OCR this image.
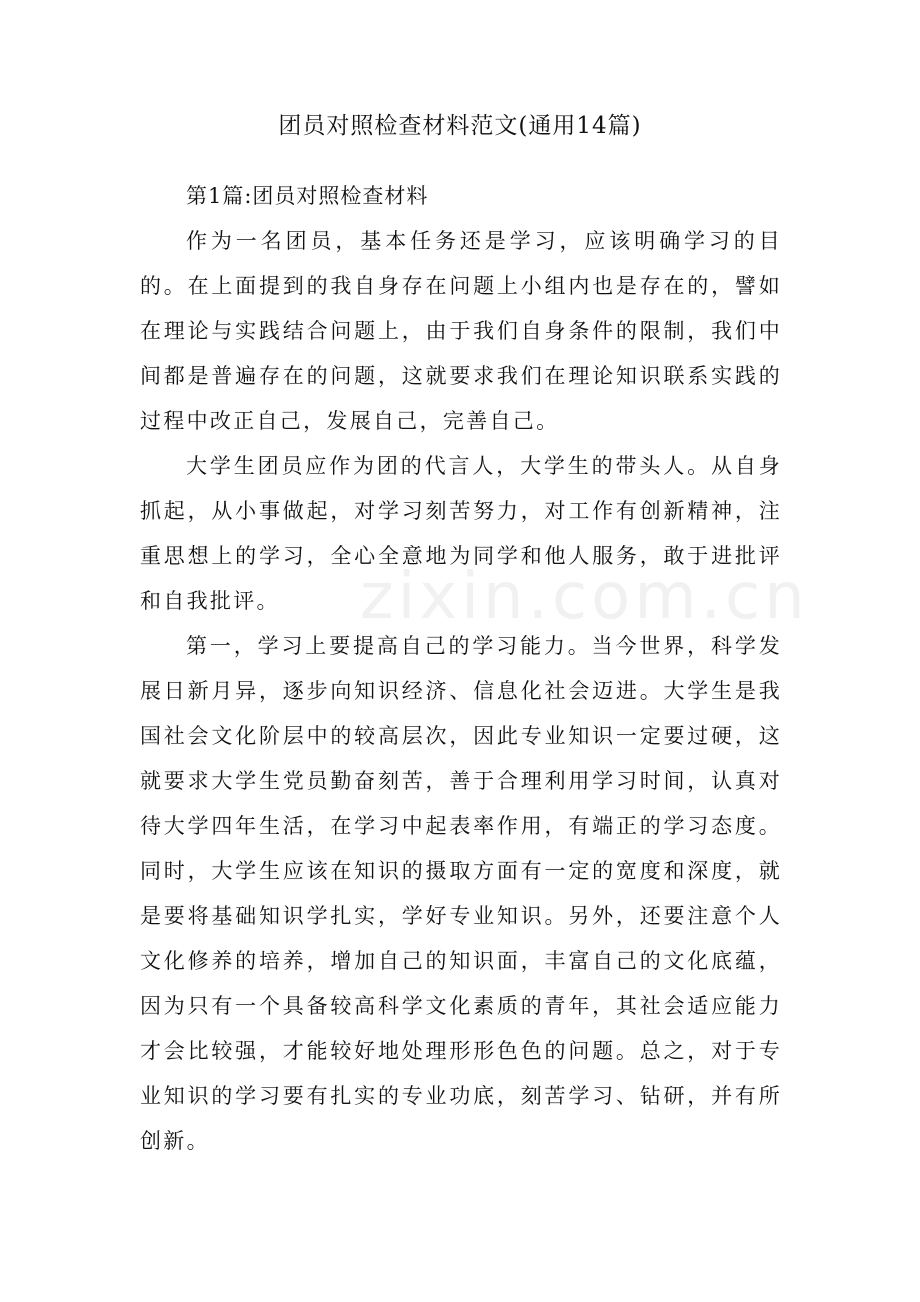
团员对照检查材料范文(通用14篇)
zixin.com.cn
第1篇:团员对照检查材料

作为一名团员，基本任务还是学习，应该明确学习的目的。在上面提到的我自身存在问题上小组内也是存在的，譬如在理论与实践结合问题上，由于我们自身条件的限制，我们中间都是普遍存在的问题，这就要求我们在理论知识联系实践的过程中改正自己，发展自己，完善自己。

大学生团员应作为团的代言人，大学生的带头人。从自身抓起，从小事做起，对学习刻苦努力，对工作有创新精神，注重思想上的学习，全心全意地为同学和他人服务，敢于进批评和自我批评。

第一，学习上要提高自己的学习能力。当今世界，科学发展日新月异，逐步向知识经济、信息化社会迈进。大学生是我国社会文化阶层中的较高层次，因此专业知识一定要过硬，这就要求大学生党员勤奋刻苦，善于合理利用学习时间，认真对待大学四年生活，在学习中起表率作用，有端正的学习态度。同时，大学生应该在知识的摄取方面有一定的宽度和深度，就是要将基础知识学扎实，学好专业知识。另外，还要注意个人文化修养的培养，增加自己的知识面，丰富自己的文化底蕴，因为只有一个具备较高科学文化素质的青年，其社会适应能力才会比较强，才能较好地处理形形色色的问题。总之，对于专业知识的学习要有扎实的专业功底，刻苦学习、钻研，并有所创新。
